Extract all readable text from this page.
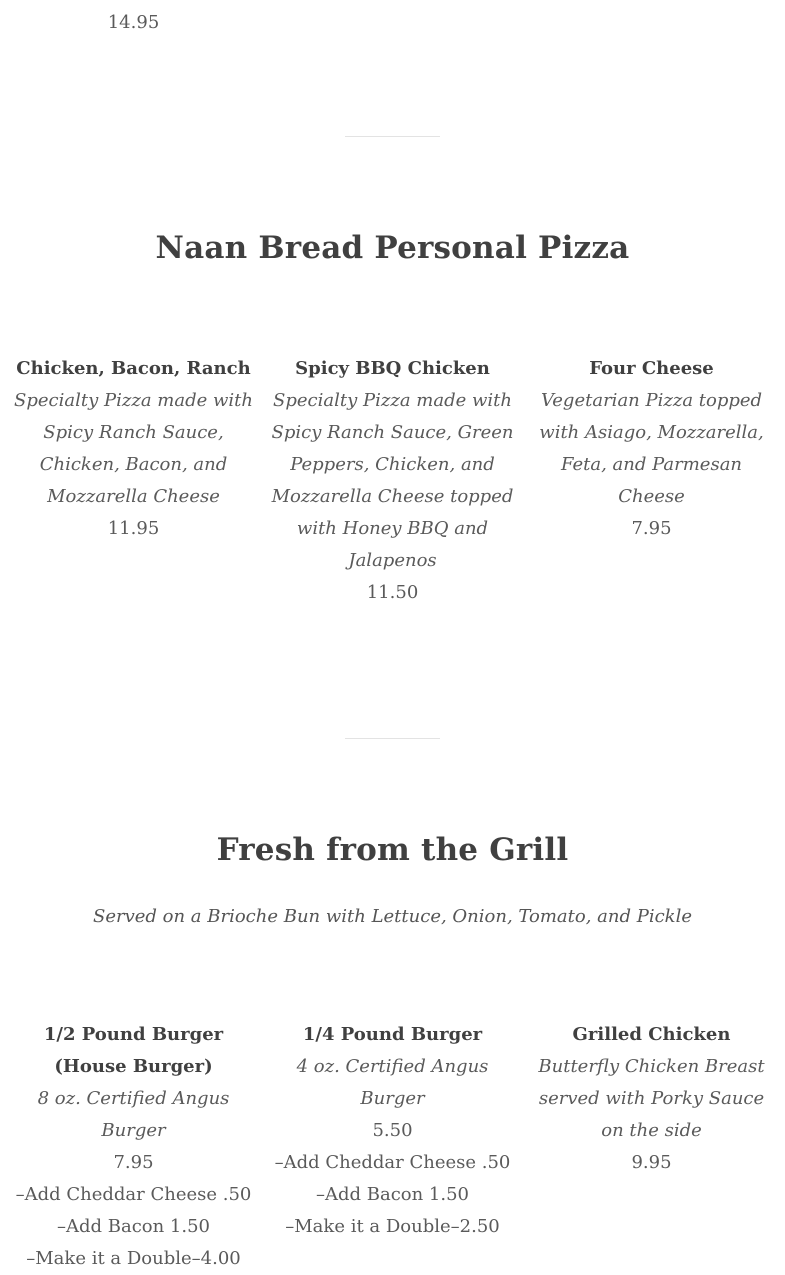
14.95
Naan Bread Personal Pizza
Chicken, Bacon, Ranch
Specialty Pizza made with Spicy Ranch Sauce, Chicken, Bacon, and Mozzarella Cheese
11.95
Spicy BBQ Chicken
Specialty Pizza made with Spicy Ranch Sauce, Green Peppers, Chicken, and Mozzarella Cheese topped with Honey BBQ and Jalapenos
11.50
Four Cheese
Vegetarian Pizza topped with Asiago, Mozzarella, Feta, and Parmesan Cheese
7.95
Fresh from the Grill
Served on a Brioche Bun with Lettuce, Onion, Tomato, and Pickle
1/2 Pound Burger (House Burger)
8 oz. Certified Angus Burger
7.95
–Add Cheddar Cheese .50
–Add Bacon 1.50
–Make it a Double–4.00
1/4 Pound Burger
4 oz. Certified Angus Burger
5.50
–Add Cheddar Cheese .50
–Add Bacon 1.50
–Make it a Double–2.50
Grilled Chicken
Butterfly Chicken Breast served with Porky Sauce on the side
9.95
